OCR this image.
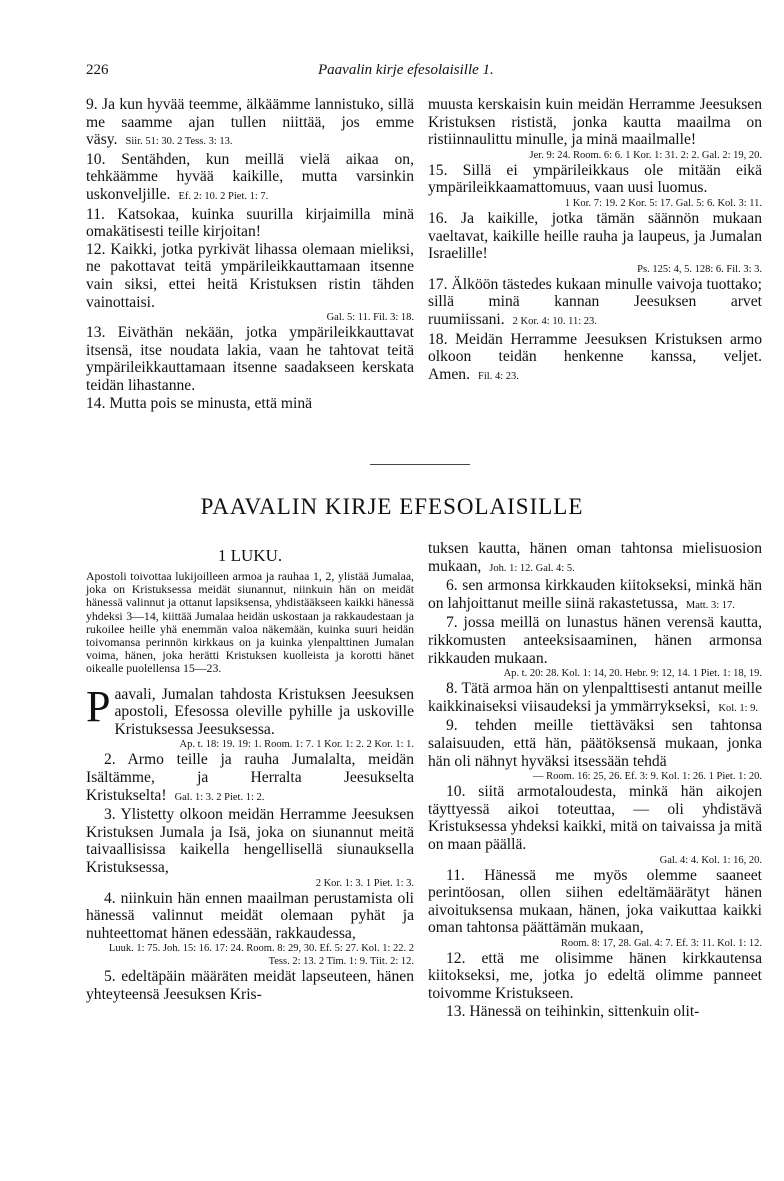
226	Paavalin kirje efesolaisille 1.

9. Ja kun hyvää teemme, älkäämme lannistuko, sillä me saamme ajan tullen niittää, jos emme väsy. Siir. 51: 30. 2 Tess. 3: 13.

10. Sentähden, kun meillä vielä aikaa on, tehkäämme hyvää kaikille, mutta varsinkin uskonveljille. Ef. 2: 10. 2 Piet. 1: 7.

11. Katsokaa, kuinka suurilla kirjaimilla minä omakätisesti teille kirjoitan!

12. Kaikki, jotka pyrkivät lihassa olemaan mieliksi, ne pakottavat teitä ympärileikkauttamaan itsenne vain siksi, ettei heitä Kristuksen ristin tähden vainottaisi.

Gal. 5: 11. Fil. 3: 18.

13. Eiväthän nekään, jotka ympärileikkauttavat itsensä, itse noudata lakia, vaan he tahtovat teitä ympärileikkauttamaan itsenne saadakseen kerskata teidän lihastanne.

14. Mutta pois se minusta, että minä

muusta kerskaisin kuin meidän Herramme Jeesuksen Kristuksen rististä, jonka kautta maailma on ristiinnaulittu minulle, ja minä maailmalle!

Jer. 9: 24. Room. 6: 6. 1 Kor. 1: 31. 2: 2. Gal. 2: 19, 20.

15. Sillä ei ympärileikkaus ole mitään eikä ympärileikkaamattomuus, vaan uusi luomus.

1 Kor. 7: 19. 2 Kor. 5: 17. Gal. 5: 6. Kol. 3: 11.

16. Ja kaikille, jotka tämän säännön mukaan vaeltavat, kaikille heille rauha ja laupeus, ja Jumalan Israelille!

Ps. 125: 4, 5. 128: 6. Fil. 3: 3.

17. Älköön tästedes kukaan minulle vaivoja tuottako; sillä minä kannan Jeesuksen arvet ruumiissani. 2 Kor. 4: 10. 11: 23.

18. Meidän Herramme Jeesuksen Kristuksen armo olkoon teidän henkenne kanssa, veljet. Amen. Fil. 4: 23.

PAAVALIN KIRJE EFESOLAISILLE

1 LUKU.

Apostoli toivottaa lukijoilleen armoa ja rauhaa 1, 2, ylistää Jumalaa, joka on Kristuksessa meidät siunannut, niinkuin hän on meidät hänessä valinnut ja ottanut lapsiksensa, yhdistääkseen kaikki hänessä yhdeksi 3—14, kiittää Jumalaa heidän uskostaan ja rakkaudestaan ja rukoilee heille yhä enemmän valoa näkemään, kuinka suuri heidän toivomansa perinnön kirkkaus on ja kuinka ylenpalttinen Jumalan voima, hänen, joka herätti Kristuksen kuolleista ja korotti hänet oikealle puolellensa 15—23.

Paavali, Jumalan tahdosta Kristuksen Jeesuksen apostoli, Efesossa oleville pyhille ja uskoville Kristuksessa Jeesuksessa.

Ap. t. 18: 19. 19: 1. Room. 1: 7. 1 Kor. 1: 2. 2 Kor. 1: 1.

2. Armo teille ja rauha Jumalalta, meidän Isältämme, ja Herralta Jeesukselta Kristukselta! Gal. 1: 3. 2 Piet. 1: 2.

3. Ylistetty olkoon meidän Herramme Jeesuksen Kristuksen Jumala ja Isä, joka on siunannut meitä taivaallisissa kaikella hengellisellä siunauksella Kristuksessa,

2 Kor. 1: 3. 1 Piet. 1: 3.

4. niinkuin hän ennen maailman perustamista oli hänessä valinnut meidät olemaan pyhät ja nuhteettomat hänen edessään, rakkaudessa,

Luuk. 1: 75. Joh. 15: 16. 17: 24. Room. 8: 29, 30. Ef. 5: 27. Kol. 1: 22. 2 Tess. 2: 13. 2 Tim. 1: 9. Tiit. 2: 12.

5. edeltäpäin määräten meidät lapseuteen, hänen yhteyteensä Jeesuksen Kris-

tuksen kautta, hänen oman tahtonsa mielisuosion mukaan, Joh. 1: 12. Gal. 4: 5.

6. sen armonsa kirkkauden kiitokseksi, minkä hän on lahjoittanut meille siinä rakastetussa, Matt. 3: 17.

7. jossa meillä on lunastus hänen verensä kautta, rikkomusten anteeksisaaminen, hänen armonsa rikkauden mukaan.

Ap. t. 20: 28. Kol. 1: 14, 20. Hebr. 9: 12, 14. 1 Piet. 1: 18, 19.

8. Tätä armoa hän on ylenpalttisesti antanut meille kaikkinaiseksi viisaudeksi ja ymmärrykseksi, Kol. 1: 9.

9. tehden meille tiettäväksi sen tahtonsa salaisuuden, että hän, päätöksensä mukaan, jonka hän oli nähnyt hyväksi itsessään tehdä

— Room. 16: 25, 26. Ef. 3: 9. Kol. 1: 26. 1 Piet. 1: 20.

10. siitä armotaloudesta, minkä hän aikojen täyttyessä aikoi toteuttaa, — oli yhdistävä Kristuksessa yhdeksi kaikki, mitä on taivaissa ja mitä on maan päällä.

Gal. 4: 4. Kol. 1: 16, 20.

11. Hänessä me myös olemme saaneet perintöosan, ollen siihen edeltämäärätyt hänen aivoituksensa mukaan, hänen, joka vaikuttaa kaikki oman tahtonsa päättämän mukaan,

Room. 8: 17, 28. Gal. 4: 7. Ef. 3: 11. Kol. 1: 12.

12. että me olisimme hänen kirkkautensa kiitokseksi, me, jotka jo edeltä olimme panneet toivomme Kristukseen.

13. Hänessä on teihinkin, sittenkuin olit-
